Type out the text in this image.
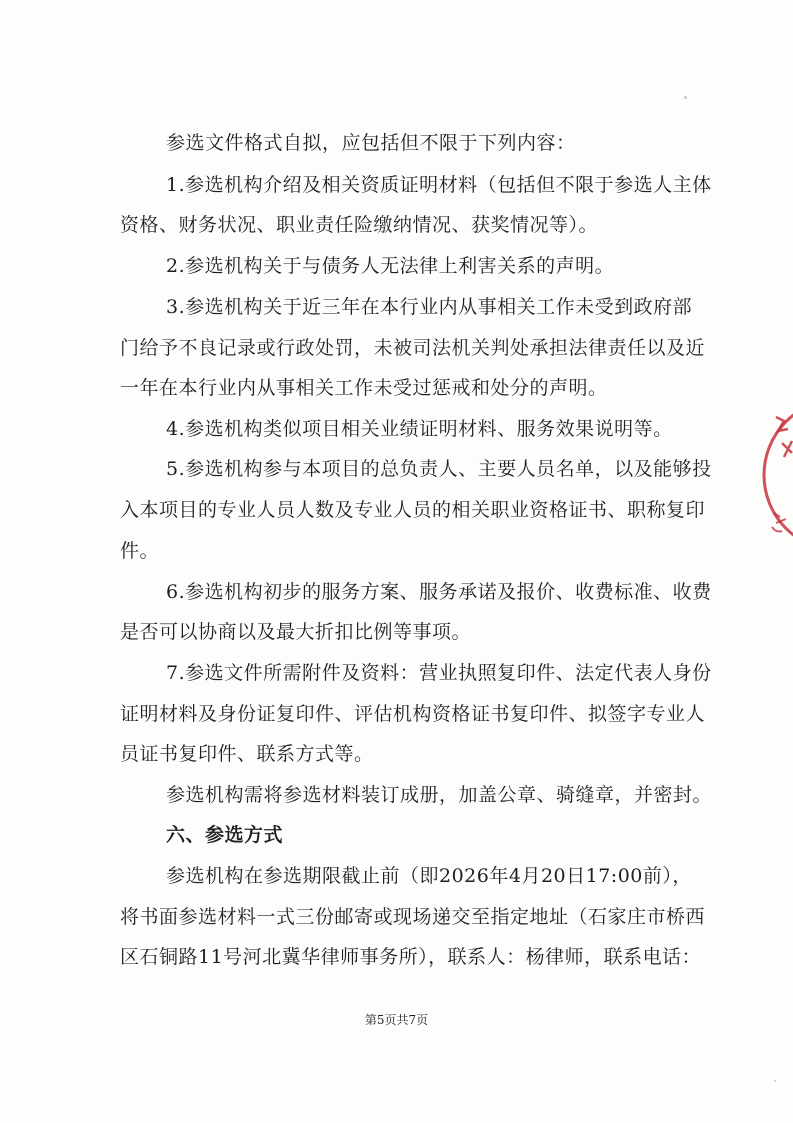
参选文件格式自拟，应包括但不限于下列内容：
1.参选机构介绍及相关资质证明材料（包括但不限于参选人主体
资格、财务状况、职业责任险缴纳情况、获奖情况等）。
2.参选机构关于与债务人无法律上利害关系的声明。
3.参选机构关于近三年在本行业内从事相关工作未受到政府部
门给予不良记录或行政处罚，未被司法机关判处承担法律责任以及近
一年在本行业内从事相关工作未受过惩戒和处分的声明。
4.参选机构类似项目相关业绩证明材料、服务效果说明等。
5.参选机构参与本项目的总负责人、主要人员名单，以及能够投
入本项目的专业人员人数及专业人员的相关职业资格证书、职称复印
件。
6.参选机构初步的服务方案、服务承诺及报价、收费标准、收费
是否可以协商以及最大折扣比例等事项。
7.参选文件所需附件及资料：营业执照复印件、法定代表人身份
证明材料及身份证复印件、评估机构资格证书复印件、拟签字专业人
员证书复印件、联系方式等。
参选机构需将参选材料装订成册，加盖公章、骑缝章，并密封。
六、参选方式
参选机构在参选期限截止前（即2026年4月20日17:00前），
将书面参选材料一式三份邮寄或现场递交至指定地址（石家庄市桥西
区石铜路11号河北冀华律师事务所），联系人：杨律师，联系电话：
第5页共7页
